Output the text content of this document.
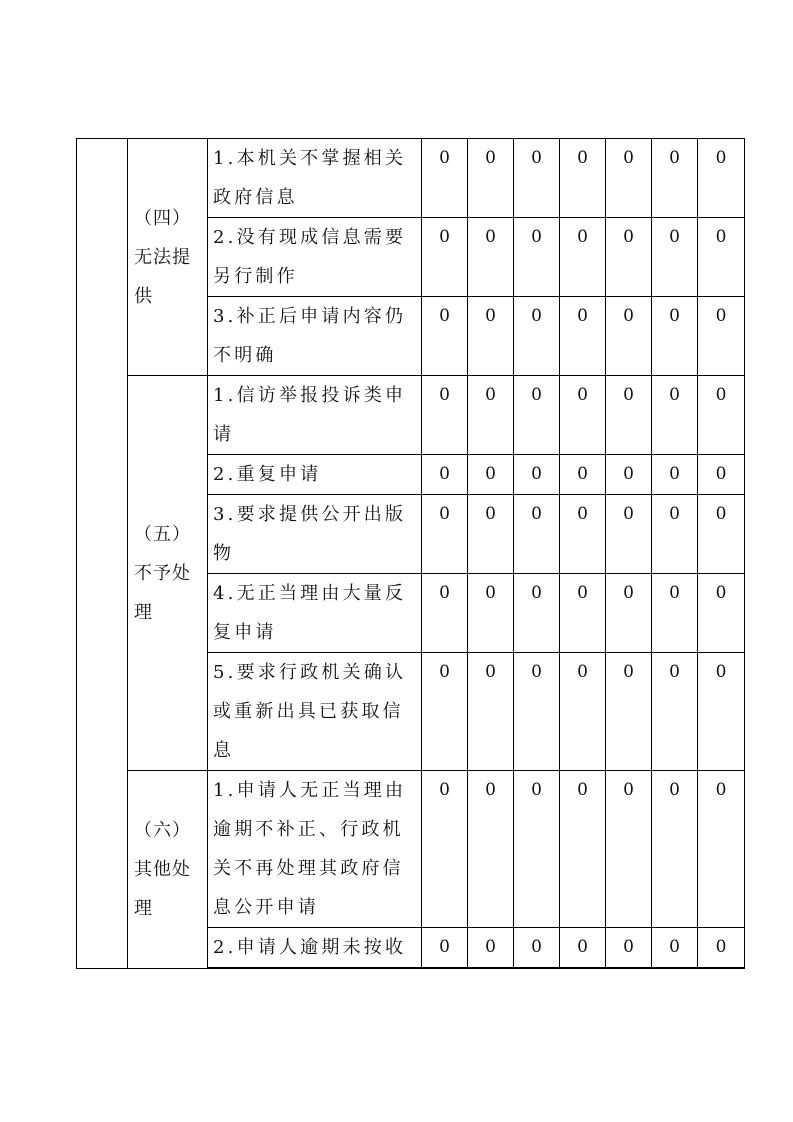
	（四）无法提供	1.本机关不掌握相关政府信息	0	0	0	0	0	0	0

		2.没有现成信息需要另行制作	0	0	0	0	0	0	0

		3.补正后申请内容仍不明确	0	0	0	0	0	0	0

	（五）不予处理	1.信访举报投诉类申请	0	0	0	0	0	0	0

		2.重复申请	0	0	0	0	0	0	0

		3.要求提供公开出版物	0	0	0	0	0	0	0

		4.无正当理由大量反复申请	0	0	0	0	0	0	0

		5.要求行政机关确认或重新出具已获取信息	0	0	0	0	0	0	0

	（六）其他处理	1.申请人无正当理由逾期不补正、行政机关不再处理其政府信息公开申请	0	0	0	0	0	0	0

		2.申请人逾期未按收	0	0	0	0	0	0	0
